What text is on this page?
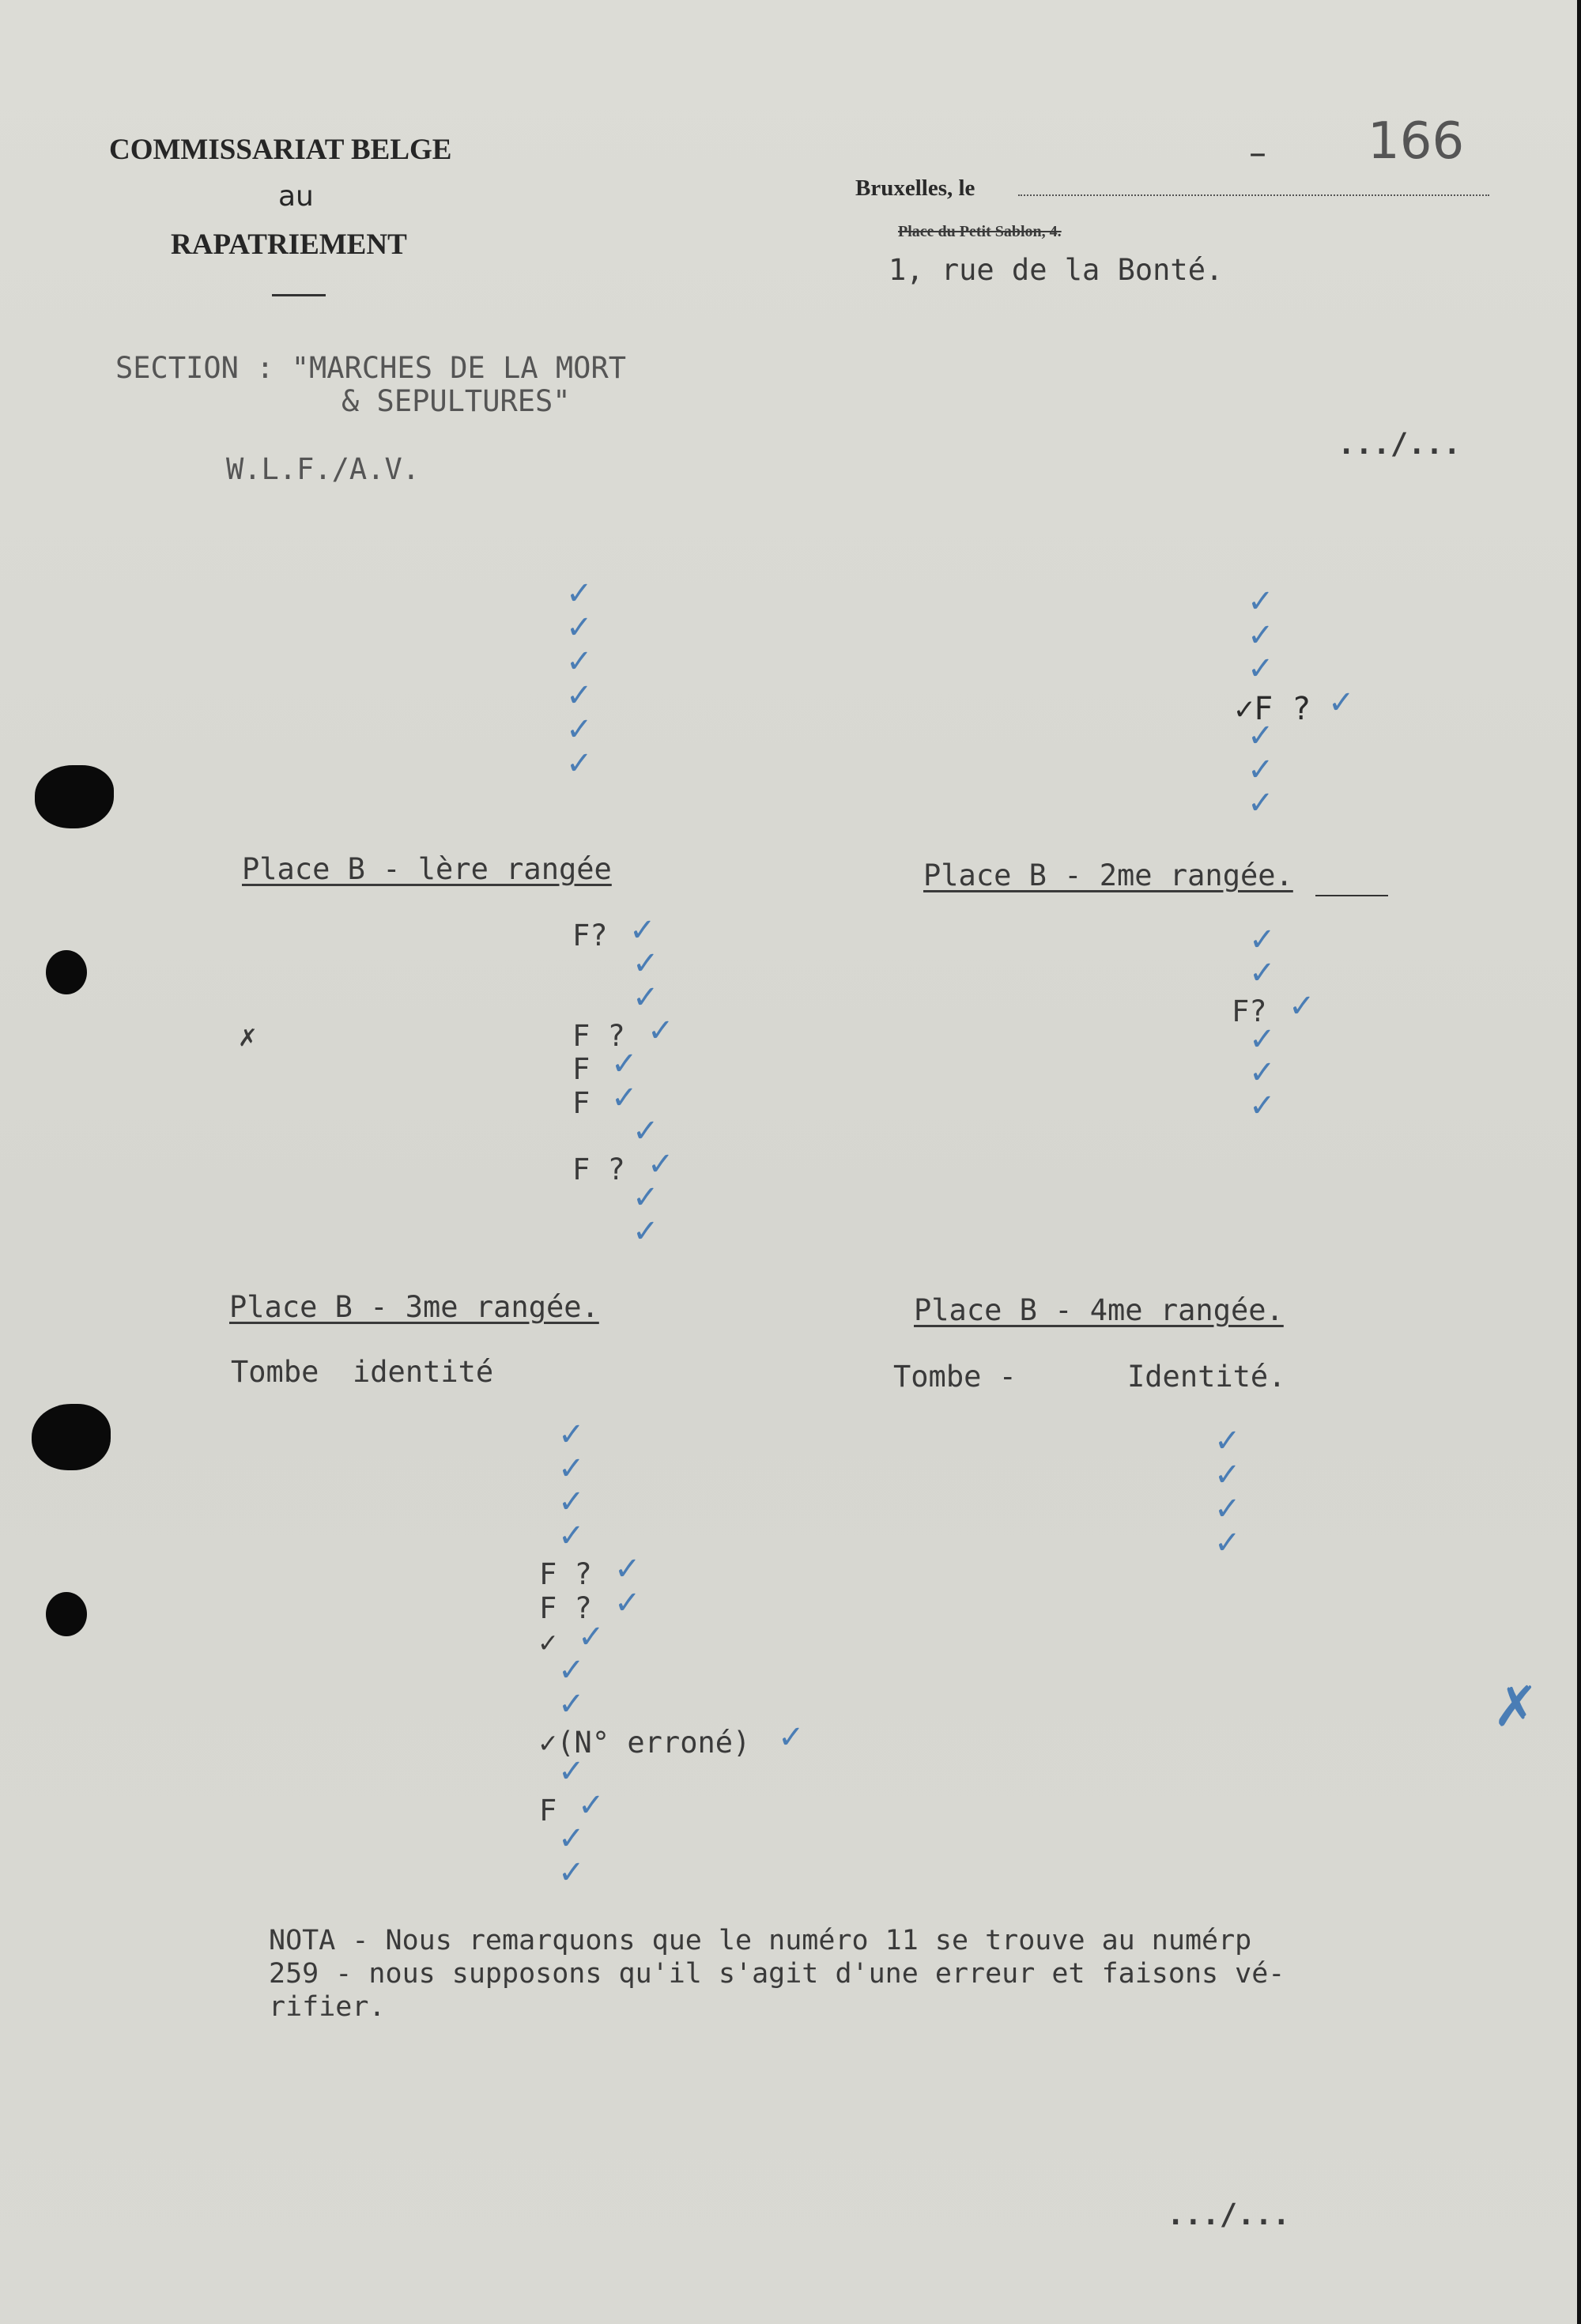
COMMISSARIAT BELGE
au
RAPATRIEMENT
Bruxelles, le
Place du Petit Sablon, 4.
1, rue de la Bonté.
– 166
SECTION : "MARCHES DE LA MORT
& SEPULTURES"
W.L.F./A.V.
.../...
✓
✓
✓
✓
✓
✓
✓
✓
✓
✓F ? ✓
✓
✓
✓
Place B - lère rangée
F? ✓
✓
✓
F ? ✓
✗
F ✓
F ✓
✓
F ? ✓
✓
✓
Place B - 2me rangée.
✓
✓
F? ✓
✓
✓
✓
Place B - 3me rangée.
Tombe identité
✓
✓
✓
✓
F ? ✓
F ? ✓
✓ ✓
✓
✓
✓(N° erroné) ✓
✓
F ✓
✓
✓
Place B - 4me rangée.
Tombe -	Identité.
✓
✓
✓
✓
✗
NOTA - Nous remarquons que le numéro 11 se trouve au numérp
259 - nous supposons qu'il s'agit d'une erreur et faisons vé-
rifier.
.../...
